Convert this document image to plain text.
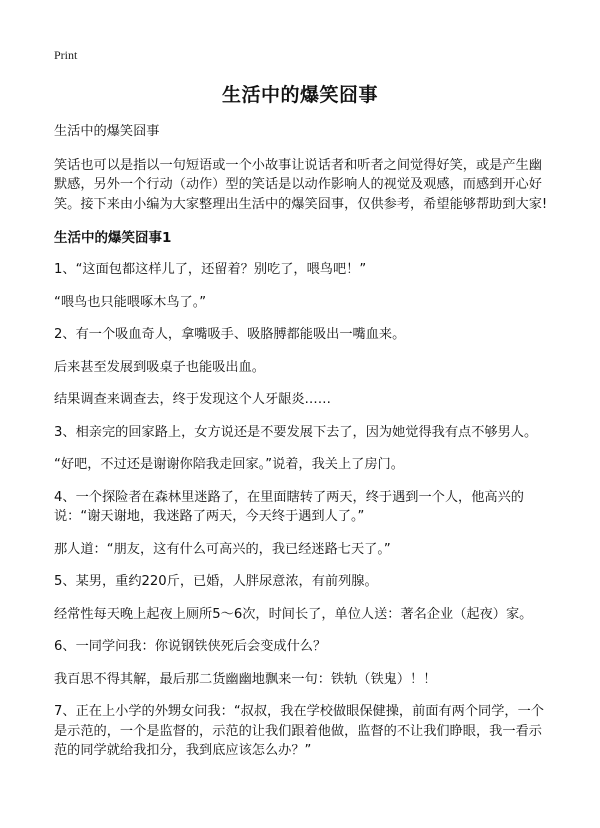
Print
生活中的爆笑囧事

生活中的爆笑囧事

笑话也可以是指以一句短语或一个小故事让说话者和听者之间觉得好笑，或是产生幽默感，另外一个行动（动作）型的笑话是以动作影响人的视觉及观感，而感到开心好笑。接下来由小编为大家整理出生活中的爆笑囧事，仅供参考，希望能够帮助到大家!

生活中的爆笑囧事1

1、“这面包都这样儿了，还留着？别吃了，喂鸟吧！”

“喂鸟也只能喂啄木鸟了。”

2、有一个吸血奇人，拿嘴吸手、吸胳膊都能吸出一嘴血来。

后来甚至发展到吸桌子也能吸出血。

结果调查来调查去，终于发现这个人牙龈炎……

3、相亲完的回家路上，女方说还是不要发展下去了，因为她觉得我有点不够男人。

“好吧，不过还是谢谢你陪我走回家。”说着，我关上了房门。

4、一个探险者在森林里迷路了，在里面瞎转了两天，终于遇到一个人，他高兴的说：“谢天谢地，我迷路了两天，今天终于遇到人了。”

那人道：“朋友，这有什么可高兴的，我已经迷路七天了。”

5、某男，重约220斤，已婚，人胖尿意浓，有前列腺。

经常性每天晚上起夜上厕所5～6次，时间长了，单位人送：著名企业（起夜）家。

6、一同学问我：你说钢铁侠死后会变成什么？

我百思不得其解，最后那二货幽幽地飘来一句：铁轨（铁鬼）！！

7、正在上小学的外甥女问我：“叔叔，我在学校做眼保健操，前面有两个同学，一个是示范的，一个是监督的，示范的让我们跟着他做，监督的不让我们睁眼，我一看示范的同学就给我扣分，我到底应该怎么办？”
